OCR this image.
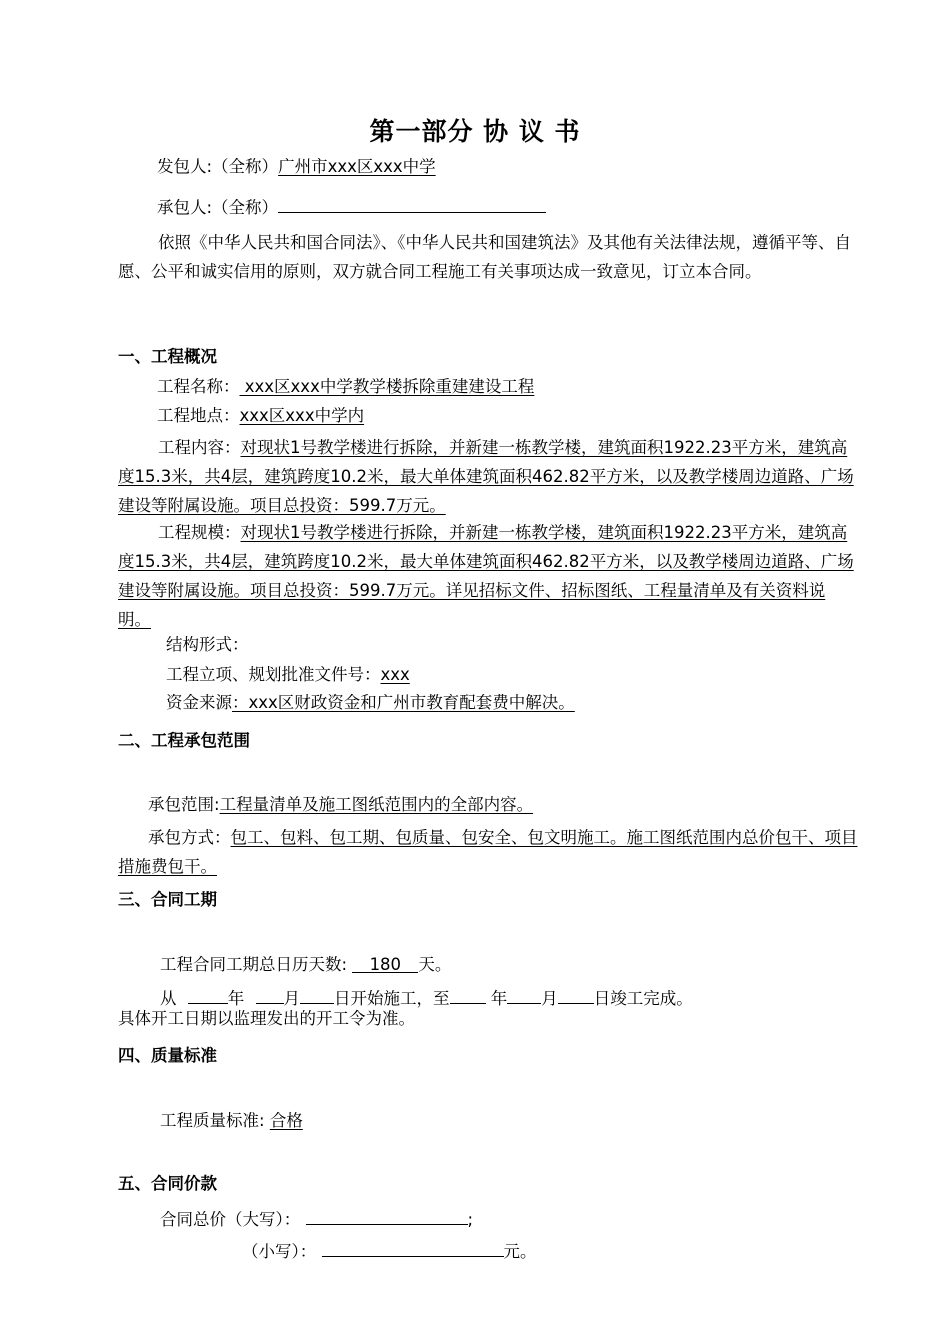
第一部分 协 议 书
发包人:（全称）广州市xxx区xxx中学
承包人:（全称）
依照《中华人民共和国合同法》、《中华人民共和国建筑法》及其他有关法律法规，遵循平等、自愿、公平和诚实信用的原则，双方就合同工程施工有关事项达成一致意见，订立本合同。
一、工程概况
工程名称： xxx区xxx中学教学楼拆除重建建设工程
工程地点：xxx区xxx中学内
工程内容：对现状1号教学楼进行拆除，并新建一栋教学楼，建筑面积1922.23平方米，建筑高度15.3米，共4层，建筑跨度10.2米，最大单体建筑面积462.82平方米，以及教学楼周边道路、广场建设等附属设施。项目总投资：599.7万元。
工程规模：对现状1号教学楼进行拆除，并新建一栋教学楼，建筑面积1922.23平方米，建筑高度15.3米，共4层，建筑跨度10.2米，最大单体建筑面积462.82平方米，以及教学楼周边道路、广场建设等附属设施。项目总投资：599.7万元。详见招标文件、招标图纸、工程量清单及有关资料说明。
结构形式：
工程立项、规划批准文件号：xxx
资金来源：xxx区财政资金和广州市教育配套费中解决。
二、工程承包范围
承包范围:工程量清单及施工图纸范围内的全部内容。
承包方式：包工、包料、包工期、包质量、包安全、包文明施工。施工图纸范围内总价包干、项目措施费包干。
三、合同工期
工程合同工期总日历天数: 180 天。
从	年 月 日开始施工，至	年 月 日竣工完成。
具体开工日期以监理发出的开工令为准。
四、质量标准
工程质量标准: 合格
五、合同价款
合同总价（大写）：	;
（小写）：	元。
